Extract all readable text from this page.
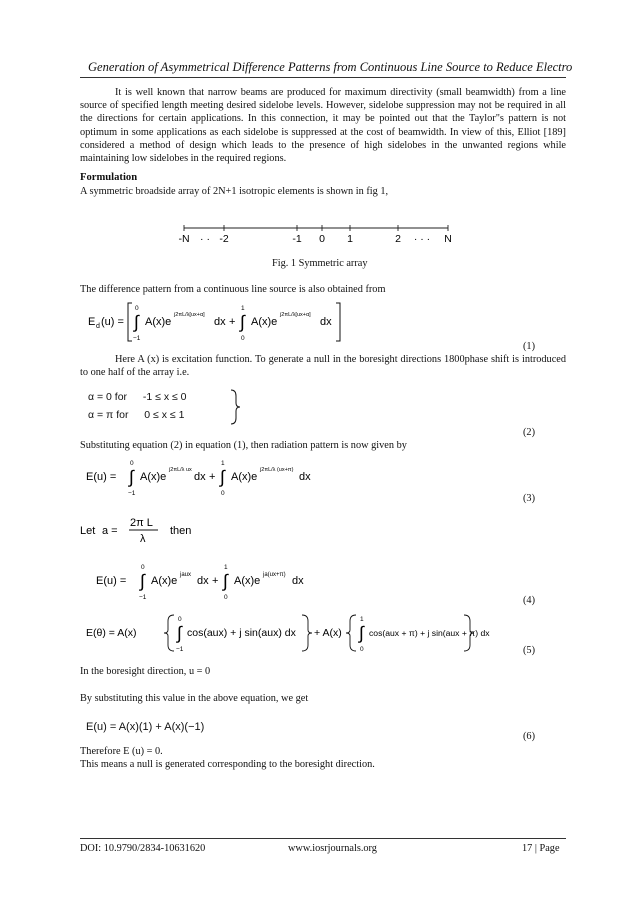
Generation of Asymmetrical Difference Patterns from Continuous Line Source to Reduce Electro

It is well known that narrow beams are produced for maximum directivity (small beamwidth) from a line source of specified length meeting desired sidelobe levels. However, sidelobe suppression may not be required in all the directions for certain applications. In this connection, it may be pointed out that the Taylor"s pattern is not optimum in some applications as each sidelobe is suppressed at the cost of beamwidth. In view of this, Elliot [189] considered a method of design which leads to the presence of high sidelobes in the unwanted regions while maintaining low sidelobes in the required regions.

Formulation
A symmetric broadside array of 2N+1 isotropic elements is shown in fig 1,
-N · · -2	-1 0 1	2 · · · N
Fig. 1 Symmetric array
The difference pattern from a continuous line source is also obtained from
E d (u) =
0
∫
−1
A(x)e
j2πL/λ[ux+α]
dx +
1
∫
0
A(x)e
j2πL/λ[ux+α]
dx
(1)

Here A (x) is excitation function. To generate a null in the boresight directions 1800phase shift is introduced to one half of the array i.e.

α = 0 for -1 ≤ x ≤ 0
α = π for 0 ≤ x ≤ 1
(2)
Substituting equation (2) in equation (1), then radiation pattern is now given by
E(u) =
0
∫
−1
A(x)e
j2πL/λ ux
dx +
1
∫
0
A(x)e
j2πL/λ (ux+π)
dx
(3)
Let a =
2π L
λ
then
E(u) =
0
∫
−1
A(x)e jaux dx +
1
∫
0
A(x)e ja(ux+π) dx
(4)
E(θ) = A(x)
0
∫
−1
cos(aux) + j sin(aux) dx + A(x)
1
∫
0
cos(aux + π) + j sin(aux + π) dx
(5)
In the boresight direction, u = 0
By substituting this value in the above equation, we get
E(u) = A(x)(1) + A(x)(−1)
(6)
Therefore E (u) = 0.
This means a null is generated corresponding to the boresight direction.
DOI: 10.9790/2834-10631620	www.iosrjournals.org	17 | Page
